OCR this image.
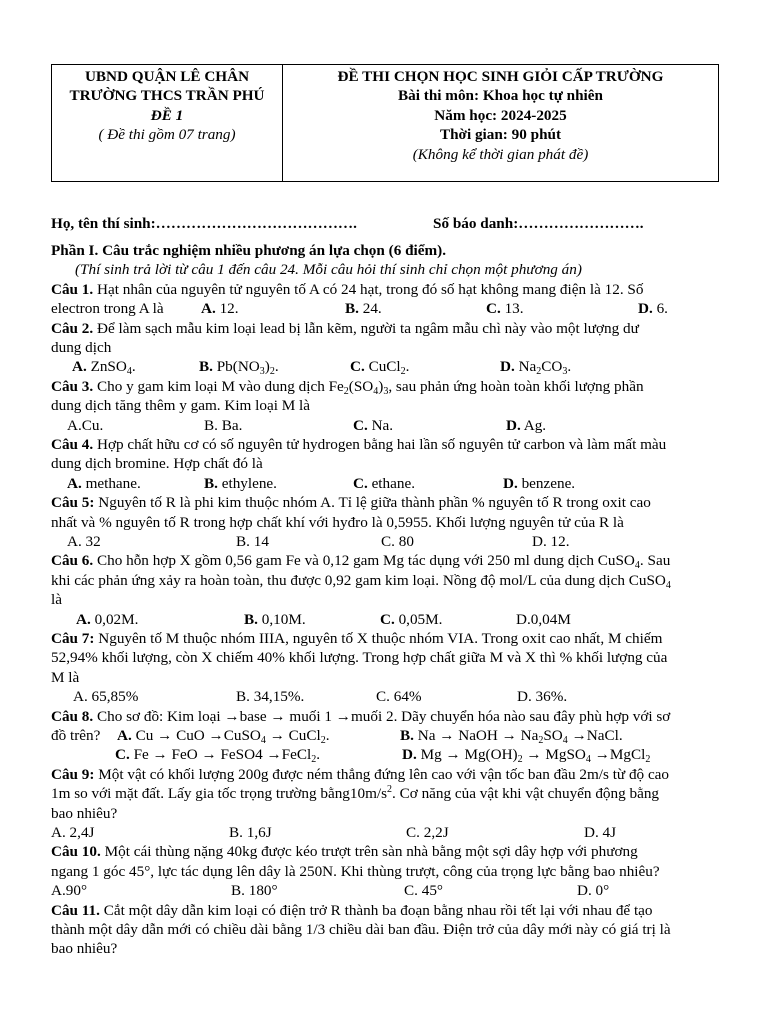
UBND QUẬN LÊ CHÂN
TRƯỜNG THCS TRẦN PHÚ
ĐỀ 1
( Đề thi gồm 07 trang)
ĐỀ THI CHỌN HỌC SINH GIỎI CẤP TRƯỜNG
Bài thi môn: Khoa học tự nhiên
Năm học: 2024-2025
Thời gian: 90 phút
(Không kể thời gian phát đề)
Họ, tên thí sinh:………………………………….	Số báo danh:…………………….
Phần I. Câu trắc nghiệm nhiều phương án lựa chọn (6 điểm).
(Thí sinh trả lời từ câu 1 đến câu 24. Mỗi câu hỏi thí sinh chỉ chọn một phương án)
Câu 1. Hạt nhân của nguyên tử nguyên tố A có 24 hạt, trong đó số hạt không mang điện là 12. Số
electron trong A là A. 12.	B. 24.	C. 13.	D. 6.
Câu 2. Để làm sạch mẫu kim loại lead bị lẫn kẽm, người ta ngâm mẫu chì này vào một lượng dư
dung dịch
A. ZnSO$_4$.	B. $Pb(NO_3)_2$.	C. CuCl$_2$.	D. $Na_2CO_3$.
Câu 3. Cho y gam kim loại M vào dung dịch $Fe_2(SO_4)_3$, sau phản ứng hoàn toàn khối lượng phần
dung dịch tăng thêm y gam. Kim loại M là
A.Cu.	B. Ba.	C. Na.	D. Ag.
Câu 4. Hợp chất hữu cơ có số nguyên tử hydrogen bằng hai lần số nguyên tử carbon và làm mất màu
dung dịch bromine. Hợp chất đó là
A. methane.	B. ethylene.	C. ethane.	D. benzene.
Câu 5: Nguyên tố R là phi kim thuộc nhóm A. Tỉ lệ giữa thành phần % nguyên tố R trong oxit cao
nhất và % nguyên tố R trong hợp chất khí với hyđro là 0,5955. Khối lượng nguyên tử của R là
A. 32	B. 14	C. 80	D. 12.
Câu 6. Cho hỗn hợp X gồm 0,56 gam Fe và 0,12 gam Mg tác dụng với 250 ml dung dịch CuSO$_4$. Sau
khi các phản ứng xảy ra hoàn toàn, thu được 0,92 gam kim loại. Nồng độ mol/L của dung dịch CuSO$_4$
là
A. 0,02M.	B. 0,10M.	C. 0,05M.	D.0,04M
Câu 7: Nguyên tố M thuộc nhóm IIIA, nguyên tố X thuộc nhóm VIA. Trong oxit cao nhất, M chiếm
52,94% khối lượng, còn X chiếm 40% khối lượng. Trong hợp chất giữa M và X thì % khối lượng của
M là
A. 65,85%	B. 34,15%.	C. 64%	D. 36%.
Câu 8. Cho sơ đồ: Kim loại →base → muối 1 →muối 2. Dãy chuyển hóa nào sau đây phù hợp với sơ
đồ trên? A. Cu → CuO →CuSO$_4$ → CuCl$_2$.	B. Na → NaOH → $Na_2SO_4$ →NaCl.
C. Fe → FeO → FeSO4 →FeCl$_2$.	D. $Mg \to Mg(OH)_2$ → MgSO$_4$ →MgCl$_2$
Câu 9: Một vật có khối lượng 200g được ném thẳng đứng lên cao với vận tốc ban đầu 2m/s từ độ cao
1m so với mặt đất. Lấy gia tốc trọng trường $bằng10m/s^2$. Cơ năng của vật khi vật chuyển động bằng
bao nhiêu?
A. 2,4J	B. 1,6J	C. 2,2J	D. 4J
Câu 10. Một cái thùng nặng 40kg được kéo trượt trên sàn nhà bằng một sợi dây hợp với phương
ngang 1 góc 45°, lực tác dụng lên dây là 250N. Khi thùng trượt, công của trọng lực bằng bao nhiêu?
A.90°	B. 180°	C. 45°	D. 0°
Câu 11. Cắt một dây dẫn kim loại có điện trở R thành ba đoạn bằng nhau rồi tết lại với nhau để tạo
thành một dây dẫn mới có chiều dài bằng 1/3 chiều dài ban đầu. Điện trở của dây mới này có giá trị là
bao nhiêu?
